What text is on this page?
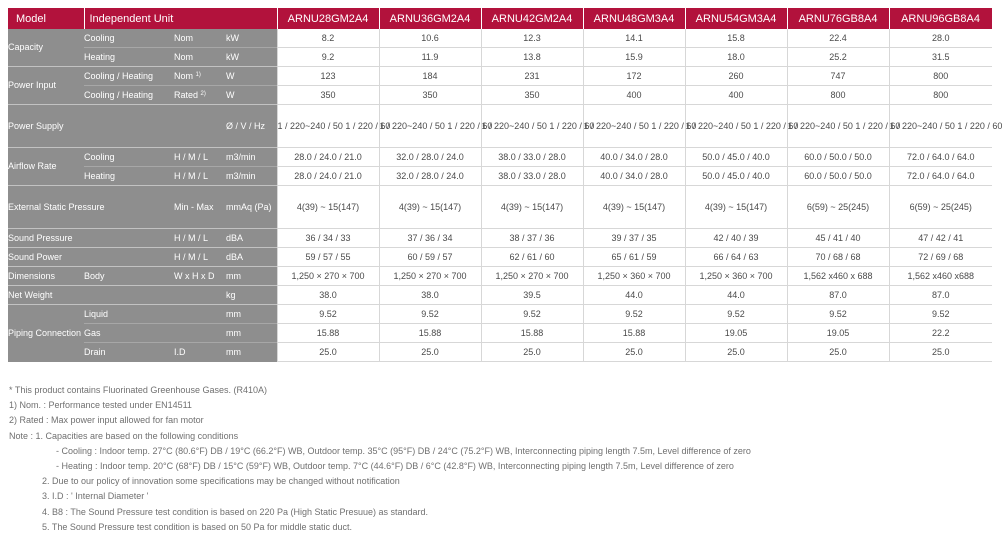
Model	Independent Unit			ARNU28GM2A4	ARNU36GM2A4	ARNU42GM2A4	ARNU48GM3A4	ARNU54GM3A4	ARNU76GB8A4	ARNU96GB8A4
Capacity	Cooling	Nom	kW	8.2	10.6	12.3	14.1	15.8	22.4	28.0
	Heating	Nom	kW	9.2	11.9	13.8	15.9	18.0	25.2	31.5
Power Input	Cooling / Heating	Nom $^{1)}$	W	123	184	231	172	260	747	800
	Cooling / Heating	Rated $^{2)}$	W	350	350	350	400	400	800	800
Power Supply			Ø / V / Hz	1 / 220~240 / 50 1 / 220 / 60	1 / 220~240 / 50 1 / 220 / 60	1 / 220~240 / 50 1 / 220 / 60	1 / 220~240 / 50 1 / 220 / 60	1 / 220~240 / 50 1 / 220 / 60	1 / 220~240 / 50 1 / 220 / 60	1 / 220~240 / 50 1 / 220 / 60
Airflow Rate	Cooling	H / M / L	m3/min	28.0 / 24.0 / 21.0	32.0 / 28.0 / 24.0	38.0 / 33.0 / 28.0	40.0 / 34.0 / 28.0	50.0 / 45.0 / 40.0	60.0 / 50.0 / 50.0	72.0 / 64.0 / 64.0
	Heating	H / M / L	m3/min	28.0 / 24.0 / 21.0	32.0 / 28.0 / 24.0	38.0 / 33.0 / 28.0	40.0 / 34.0 / 28.0	50.0 / 45.0 / 40.0	60.0 / 50.0 / 50.0	72.0 / 64.0 / 64.0
External Static Pressure		Min - Max	mmAq (Pa)	4(39) ~ 15(147)	4(39) ~ 15(147)	4(39) ~ 15(147)	4(39) ~ 15(147)	4(39) ~ 15(147)	6(59) ~ 25(245)	6(59) ~ 25(245)
Sound Pressure		H / M / L	dBA	36 / 34 / 33	37 / 36 / 34	38 / 37 / 36	39 / 37 / 35	42 / 40 / 39	45 / 41 / 40	47 / 42 / 41
Sound Power		H / M / L	dBA	59 / 57 / 55	60 / 59 / 57	62 / 61 / 60	65 / 61 / 59	66 / 64 / 63	70 / 68 / 68	72 / 69 / 68
Dimensions	Body	W x H x D	mm	1,250 × 270 × 700	1,250 × 270 × 700	1,250 × 270 × 700	1,250 × 360 × 700	1,250 × 360 × 700	1,562 x460 x 688	1,562 x460 x688
Net Weight			kg	38.0	38.0	39.5	44.0	44.0	87.0	87.0
Piping Connection	Liquid		mm	9.52	9.52	9.52	9.52	9.52	9.52	9.52
	Gas		mm	15.88	15.88	15.88	15.88	19.05	19.05	22.2
	Drain	I.D	mm	25.0	25.0	25.0	25.0	25.0	25.0	25.0
* This product contains Fluorinated Greenhouse Gases. (R410A)
1) Nom. : Performance tested under EN14511
2) Rated : Max power input allowed for fan motor
Note : 1. Capacities are based on the following conditions
- Cooling : Indoor temp. 27°C (80.6°F) DB / 19°C (66.2°F) WB, Outdoor temp. 35°C (95°F) DB / 24°C (75.2°F) WB, Interconnecting piping length 7.5m, Level difference of zero
- Heating : Indoor temp. 20°C (68°F) DB / 15°C (59°F) WB, Outdoor temp. 7°C (44.6°F) DB / 6°C (42.8°F) WB, Interconnecting piping length 7.5m, Level difference of zero
2. Due to our policy of innovation some specifications may be changed without notification
3. I.D : ' Internal Diameter '
4. B8 : The Sound Pressure test condition is based on 220 Pa (High Static Presuue) as standard.
5. The Sound Pressure test condition is based on 50 Pa for middle static duct.
